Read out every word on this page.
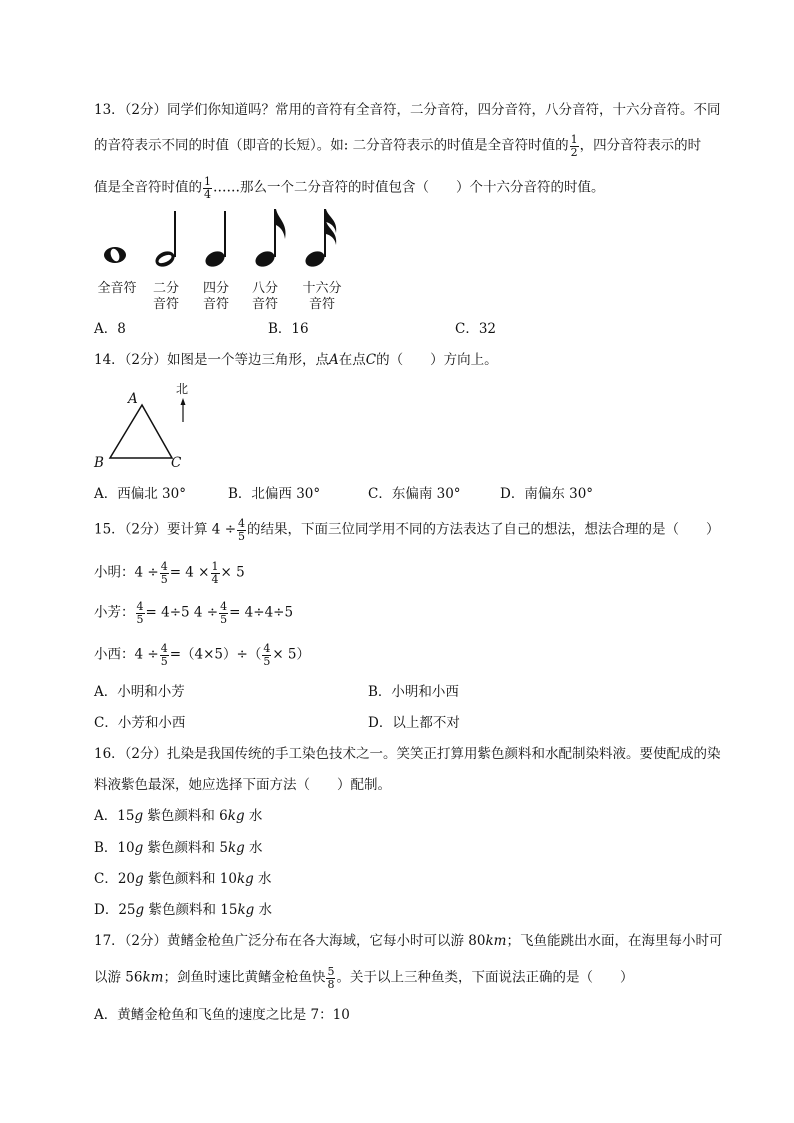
13．（2分）同学们你知道吗？常用的音符有全音符，二分音符，四分音符，八分音符，十六分音符。不同
的音符表示不同的时值（即音的长短）。如: 二分音符表示的时值是全音符时值的 $\frac{1}{2}$ ，四分音符表示的时
值是全音符时值的 $\frac{1}{4}$ ……那么一个二分音符的时值包含（　　）个十六分音符的时值。
全音符	二分
音符
四分
音符
八分
音符
十六分
音符
A．8	B．16	C．32
14．（2分）如图是一个等边三角形，点A在点C的（　　）方向上。
A
B	C
北
A．西偏北 30°	B．北偏西 30°	C．东偏南 30°	D．南偏东 30°
15．（2分）要计算 $4 \div \frac{4}{5}$ 的结果，下面三位同学用不同的方法表达了自己的想法，想法合理的是（　　）
小明：$4 \div \frac{4}{5} = 4 \times \frac{1}{4} \times 5$
小芳： $\frac{4}{5} = 4\div 5$ $4 \div \frac{4}{5} = 4\div 4\div 5$
小西：$4 \div \frac{4}{5} =(4\times 5)\div( \frac{4}{5} \times 5)$
A．小明和小芳	B．小明和小西
C．小芳和小西	D．以上都不对
16．（2分）扎染是我国传统的手工染色技术之一。笑笑正打算用紫色颜料和水配制染料液。要使配成的染
料液紫色最深，她应选择下面方法（　　）配制。
A．15g 紫色颜料和 6kg 水
B．10g 紫色颜料和 5kg 水
C．20g 紫色颜料和 10kg 水
D．25g 紫色颜料和 15kg 水
17．（2分）黄鳍金枪鱼广泛分布在各大海域，它每小时可以游 80km；飞鱼能跳出水面，在海里每小时可
以游 56km；剑鱼时速比黄鳍金枪鱼快 $\frac{5}{8}$ 。关于以上三种鱼类，下面说法正确的是（　　）
A．黄鳍金枪鱼和飞鱼的速度之比是 7：10
